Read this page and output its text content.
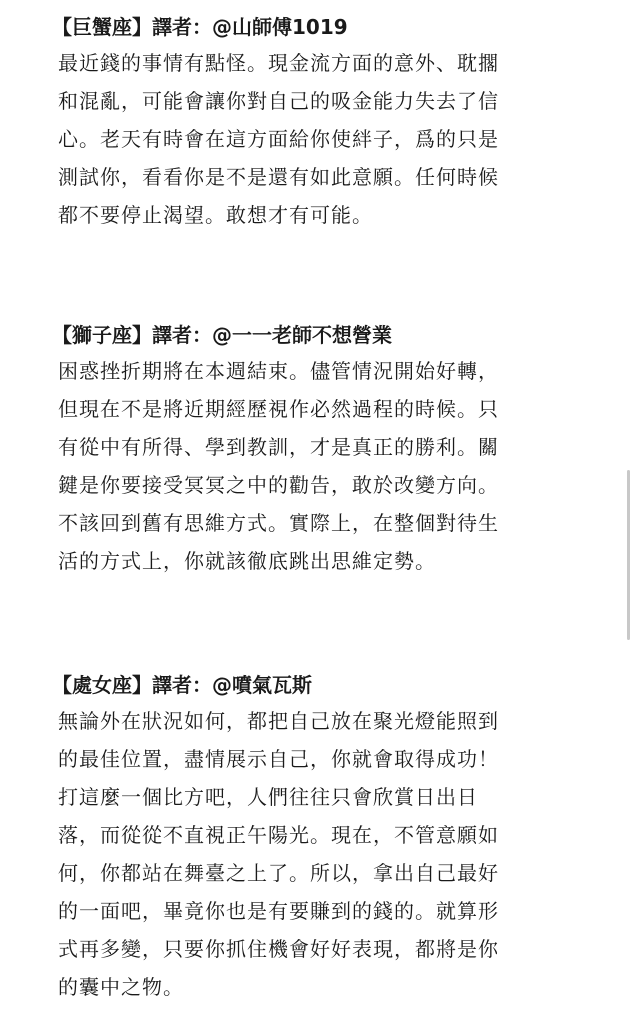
【巨蟹座】譯者：@山師傅1019

最近錢的事情有點怪。現金流方面的意外、耽擱

和混亂，可能會讓你對自己的吸金能力失去了信

心。老天有時會在這方面給你使絆子，爲的只是

測試你，看看你是不是還有如此意願。任何時候

都不要停止渴望。敢想才有可能。

【獅子座】譯者：@一一老師不想營業

困惑挫折期將在本週結束。儘管情況開始好轉，

但現在不是將近期經歷視作必然過程的時候。只

有從中有所得、學到教訓，才是真正的勝利。關

鍵是你要接受冥冥之中的勸告，敢於改變方向。

不該回到舊有思維方式。實際上，在整個對待生

活的方式上，你就該徹底跳出思維定勢。

【處女座】譯者：@噴氣瓦斯

無論外在狀況如何，都把自己放在聚光燈能照到

的最佳位置，盡情展示自己，你就會取得成功！

打這麼一個比方吧，人們往往只會欣賞日出日

落，而從從不直視正午陽光。現在，不管意願如

何，你都站在舞臺之上了。所以，拿出自己最好

的一面吧，畢竟你也是有要賺到的錢的。就算形

式再多變，只要你抓住機會好好表現，都將是你

的囊中之物。
